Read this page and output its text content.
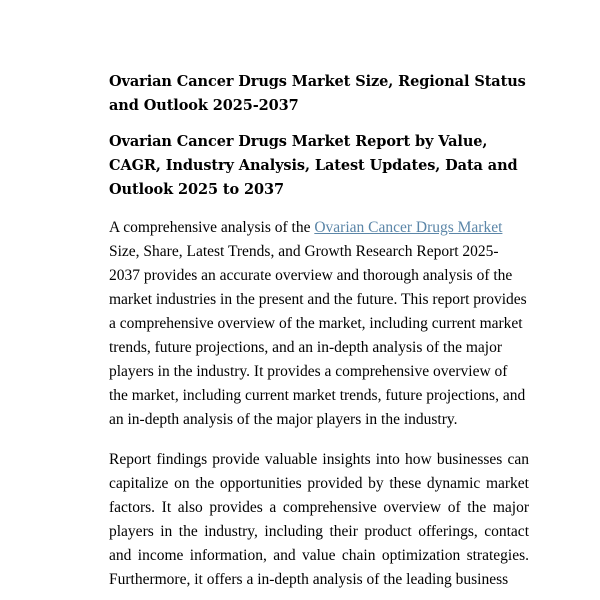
Ovarian Cancer Drugs Market Size, Regional Status and Outlook 2025-2037
Ovarian Cancer Drugs Market Report by Value, CAGR, Industry Analysis, Latest Updates, Data and Outlook 2025 to 2037

A comprehensive analysis of the Ovarian Cancer Drugs Market Size, Share, Latest Trends, and Growth Research Report 2025-2037 provides an accurate overview and thorough analysis of the market industries in the present and the future. This report provides a comprehensive overview of the market, including current market trends, future projections, and an in-depth analysis of the major players in the industry. It provides a comprehensive overview of the market, including current market trends, future projections, and an in-depth analysis of the major players in the industry.

Report findings provide valuable insights into how businesses can capitalize on the opportunities provided by these dynamic market factors. It also provides a comprehensive overview of the major players in the industry, including their product offerings, contact and income information, and value chain optimization strategies. Furthermore, it offers a in-depth analysis of the leading business
